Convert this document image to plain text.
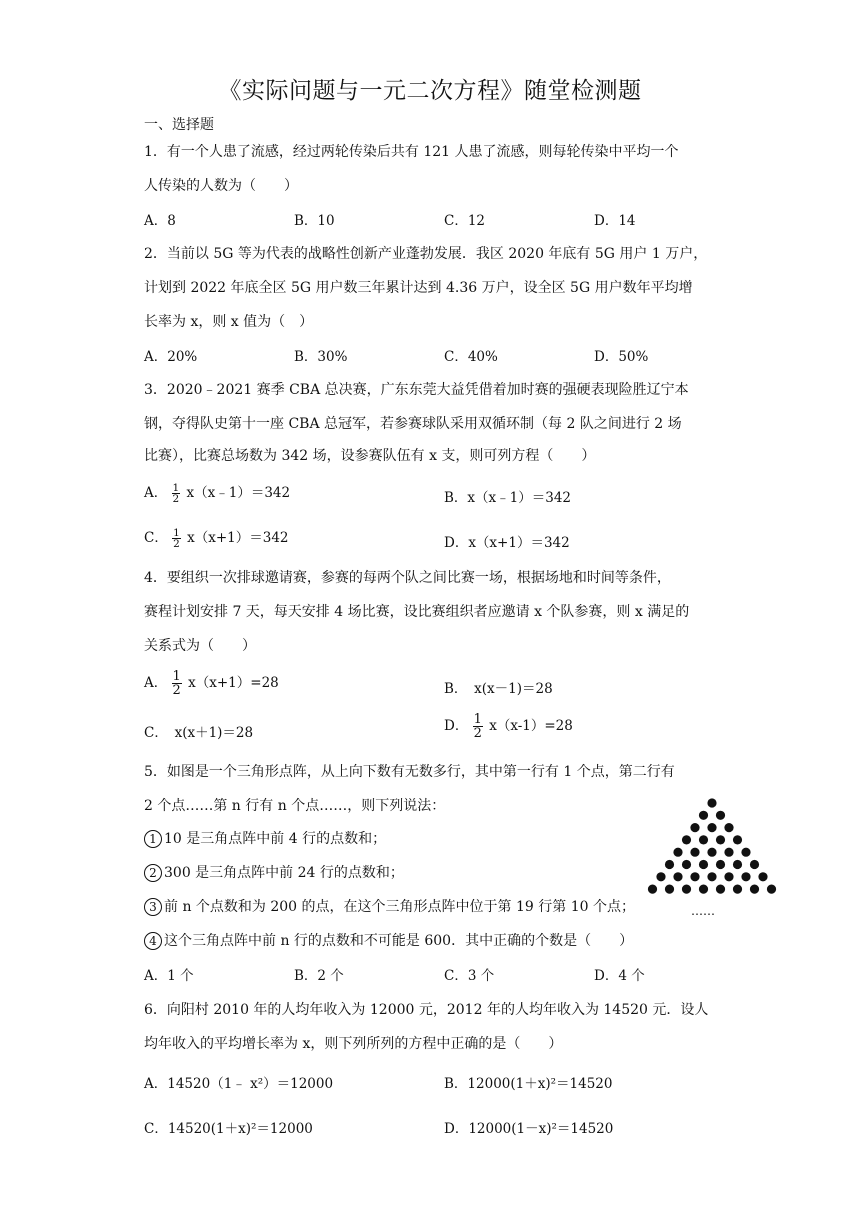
《实际问题与一元二次方程》随堂检测题
一、选择题
1．有一个人患了流感，经过两轮传染后共有 121 人患了流感，则每轮传染中平均一个
人传染的人数为（　　）
A．8	B．10	C．12	D．14
2．当前以 5G 等为代表的战略性创新产业蓬勃发展．我区 2020 年底有 5G 用户 1 万户，
计划到 2022 年底全区 5G 用户数三年累计达到 4.36 万户，设全区 5G 用户数年平均增
长率为 x，则 x 值为（　）
A．20%	B．30%	C．40%	D．50%
3．2020﹣2021 赛季 CBA 总决赛，广东东莞大益凭借着加时赛的强硬表现险胜辽宁本
钢，夺得队史第十一座 CBA 总冠军，若参赛球队采用双循环制（每 2 队之间进行 2 场
比赛），比赛总场数为 342 场，设参赛队伍有 x 支，则可列方程（　　）
A． $\frac{1}{2}$ x（x﹣1）＝342	B．x（x﹣1）＝342
C． $\frac{1}{2} x(x+1)=342$	D．x（x+1）＝342
4．要组织一次排球邀请赛，参赛的每两个队之间比赛一场，根据场地和时间等条件，
赛程计划安排 7 天，每天安排 4 场比赛，设比赛组织者应邀请 x 个队参赛，则 x 满足的
关系式为（　　）
A． $\frac{1}{2} x(x+1)=28$	B．　x(x－1)＝28
C．　x(x＋1)＝28	D． $\frac{1}{2} x(x-1)=28$
5．如图是一个三角形点阵，从上向下数有无数多行，其中第一行有 1 个点，第二行有
2 个点……第 n 行有 n 个点……，则下列说法：
1 10 是三角点阵中前 4 行的点数和；
2 300 是三角点阵中前 24 行的点数和；
3 前 n 个点数和为 200 的点，在这个三角形点阵中位于第 19 行第 10 个点；
4 这个三角点阵中前 n 行的点数和不可能是 600．其中正确的个数是（　　）
A．1 个	B．2 个	C．3 个	D．4 个
……
6．向阳村 2010 年的人均年收入为 12000 元，2012 年的人均年收入为 14520 元．设人
均年收入的平均增长率为 x，则下列所列的方程中正确的是（　　）
A．14520（1﹣ x²）＝12000	B．12000(1＋x)²＝14520
C．14520(1＋x)²＝12000	D．12000(1－x)²＝14520
